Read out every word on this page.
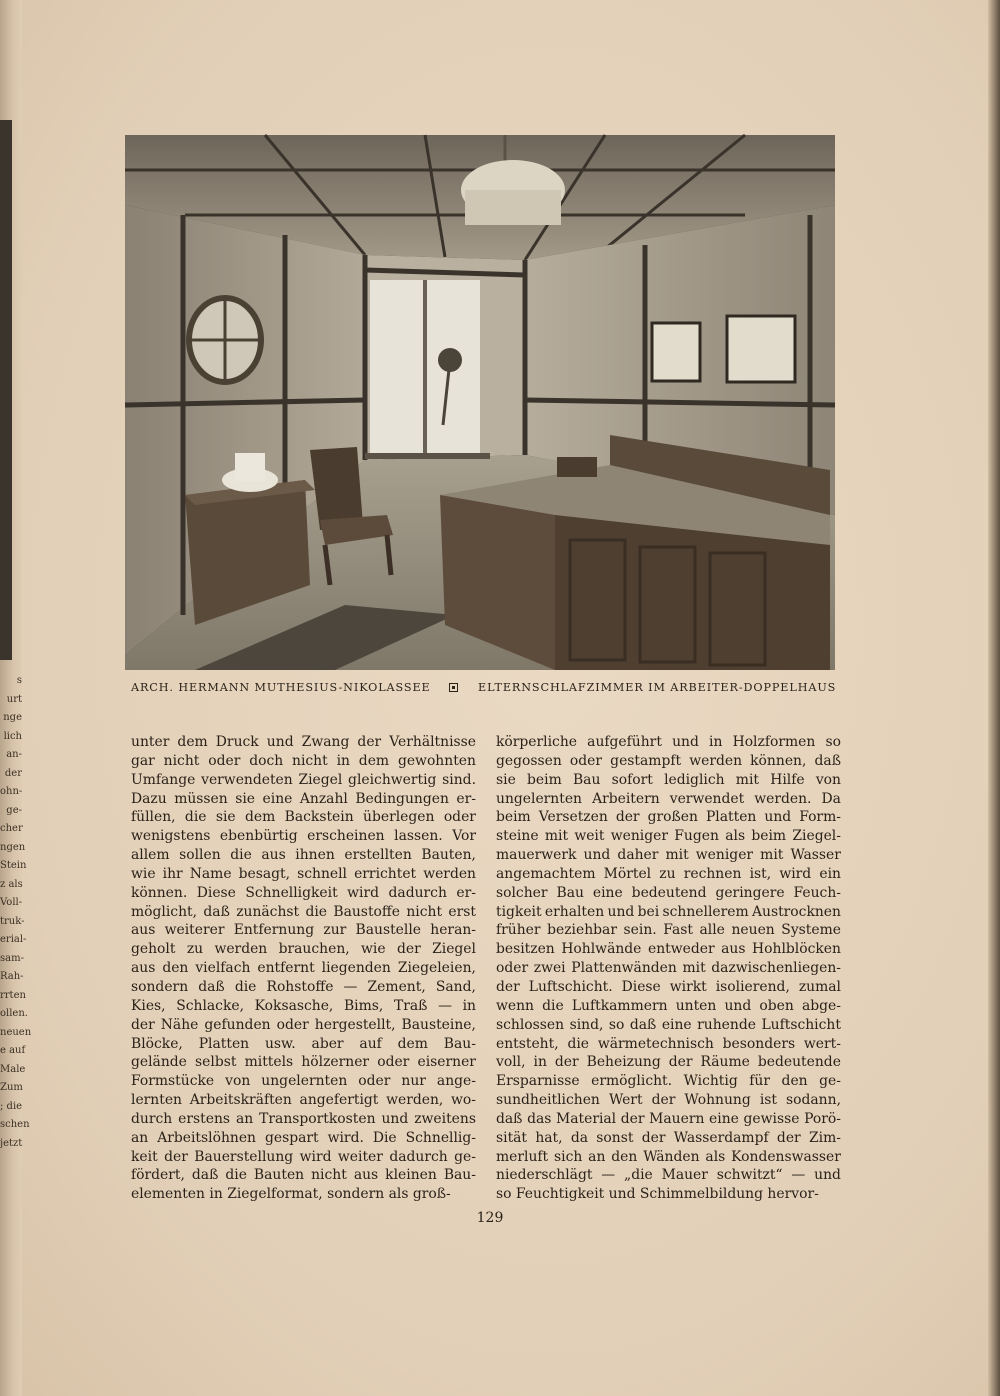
s
urt
nge
lich
an-
der
ohn-
ge-
cher
ngen
Stein
z als
Voll-
truk-
erial-
sam-
Rah-
rrten
ollen.
neuen
e auf
Male
Zum
; die
schen
jetzt
ARCH. HERMANN MUTHESIUS-NIKOLASSEE	ELTERNSCHLAFZIMMER IM ARBEITER-DOPPELHAUS
unter dem Druck und Zwang der Verhältnisse
gar nicht oder doch nicht in dem gewohnten
Umfange verwendeten Ziegel gleichwertig sind.
Dazu müssen sie eine Anzahl Bedingungen er-
füllen, die sie dem Backstein überlegen oder
wenigstens ebenbürtig erscheinen lassen. Vor
allem sollen die aus ihnen erstellten Bauten,
wie ihr Name besagt, schnell errichtet werden
können. Diese Schnelligkeit wird dadurch er-
möglicht, daß zunächst die Baustoffe nicht erst
aus weiterer Entfernung zur Baustelle heran-
geholt zu werden brauchen, wie der Ziegel
aus den vielfach entfernt liegenden Ziegeleien,
sondern daß die Rohstoffe — Zement, Sand,
Kies, Schlacke, Koksasche, Bims, Traß — in
der Nähe gefunden oder hergestellt, Bausteine,
Blöcke, Platten usw. aber auf dem Bau-
gelände selbst mittels hölzerner oder eiserner
Formstücke von ungelernten oder nur ange-
lernten Arbeitskräften angefertigt werden, wo-
durch erstens an Transportkosten und zweitens
an Arbeitslöhnen gespart wird. Die Schnellig-
keit der Bauerstellung wird weiter dadurch ge-
fördert, daß die Bauten nicht aus kleinen Bau-
elementen in Ziegelformat, sondern als groß-
körperliche aufgeführt und in Holzformen so
gegossen oder gestampft werden können, daß
sie beim Bau sofort lediglich mit Hilfe von
ungelernten Arbeitern verwendet werden. Da
beim Versetzen der großen Platten und Form-
steine mit weit weniger Fugen als beim Ziegel-
mauerwerk und daher mit weniger mit Wasser
angemachtem Mörtel zu rechnen ist, wird ein
solcher Bau eine bedeutend geringere Feuch-
tigkeit erhalten und bei schnellerem Austrocknen
früher beziehbar sein. Fast alle neuen Systeme
besitzen Hohlwände entweder aus Hohlblöcken
oder zwei Plattenwänden mit dazwischenliegen-
der Luftschicht. Diese wirkt isolierend, zumal
wenn die Luftkammern unten und oben abge-
schlossen sind, so daß eine ruhende Luftschicht
entsteht, die wärmetechnisch besonders wert-
voll, in der Beheizung der Räume bedeutende
Ersparnisse ermöglicht. Wichtig für den ge-
sundheitlichen Wert der Wohnung ist sodann,
daß das Material der Mauern eine gewisse Porö-
sität hat, da sonst der Wasserdampf der Zim-
merluft sich an den Wänden als Kondenswasser
niederschlägt — „die Mauer schwitzt“ — und
so Feuchtigkeit und Schimmelbildung hervor-
129
